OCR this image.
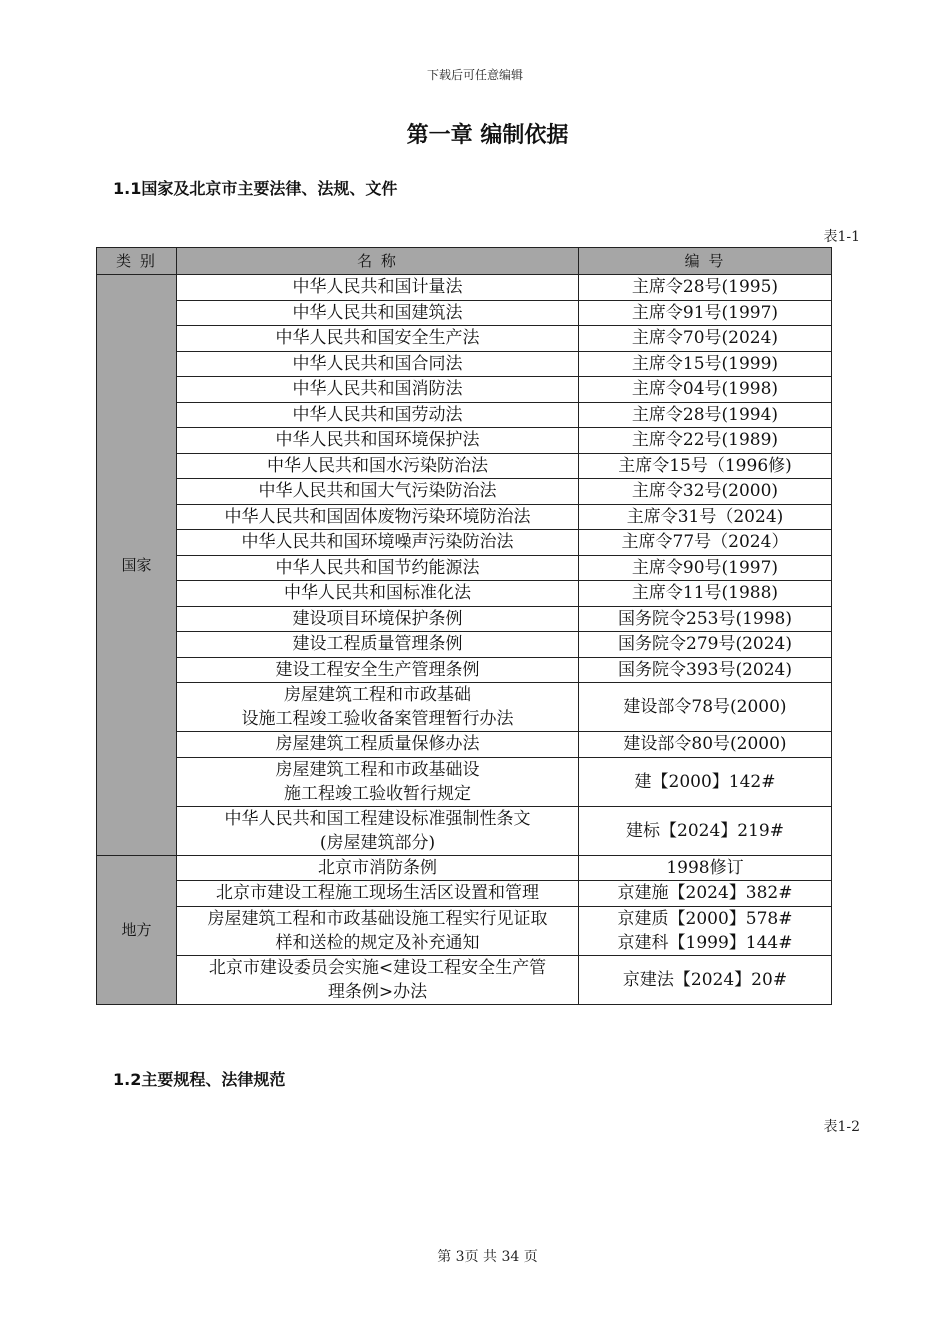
下载后可任意编辑
第一章 编制依据
1.1国家及北京市主要法律、法规、文件
表1-1
类 别	名 称	编 号
国家	中华人民共和国计量法	主席令28号(1995)

	中华人民共和国建筑法	主席令91号(1997)

	中华人民共和国安全生产法	主席令70号(2024)

	中华人民共和国合同法	主席令15号(1999)

	中华人民共和国消防法	主席令04号(1998)

	中华人民共和国劳动法	主席令28号(1994)

	中华人民共和国环境保护法	主席令22号(1989)

	中华人民共和国水污染防治法	主席令15号（1996修)

	中华人民共和国大气污染防治法	主席令32号(2000)

	中华人民共和国固体废物污染环境防治法	主席令31号（2024)

	中华人民共和国环境噪声污染防治法	主席令77号（2024）

	中华人民共和国节约能源法	主席令90号(1997)

	中华人民共和国标准化法	主席令11号(1988)

	建设项目环境保护条例	国务院令253号(1998)

	建设工程质量管理条例	国务院令279号(2024)

	建设工程安全生产管理条例	国务院令393号(2024)

	房屋建筑工程和市政基础
设施工程竣工验收备案管理暂行办法	建设部令78号(2000)

	房屋建筑工程质量保修办法	建设部令80号(2000)

	房屋建筑工程和市政基础设
施工程竣工验收暂行规定	建【2000】142#

	中华人民共和国工程建设标准强制性条文
(房屋建筑部分)	建标【2024】219#

地方	北京市消防条例	1998修订

	北京市建设工程施工现场生活区设置和管理	京建施【2024】382#

	房屋建筑工程和市政基础设施工程实行见证取
样和送检的规定及补充通知	京建质【2000】578#
京建科【1999】144#

	北京市建设委员会实施<建设工程安全生产管
理条例>办法	京建法【2024】20#
1.2主要规程、法律规范
表1-2
第 3页 共 34 页
